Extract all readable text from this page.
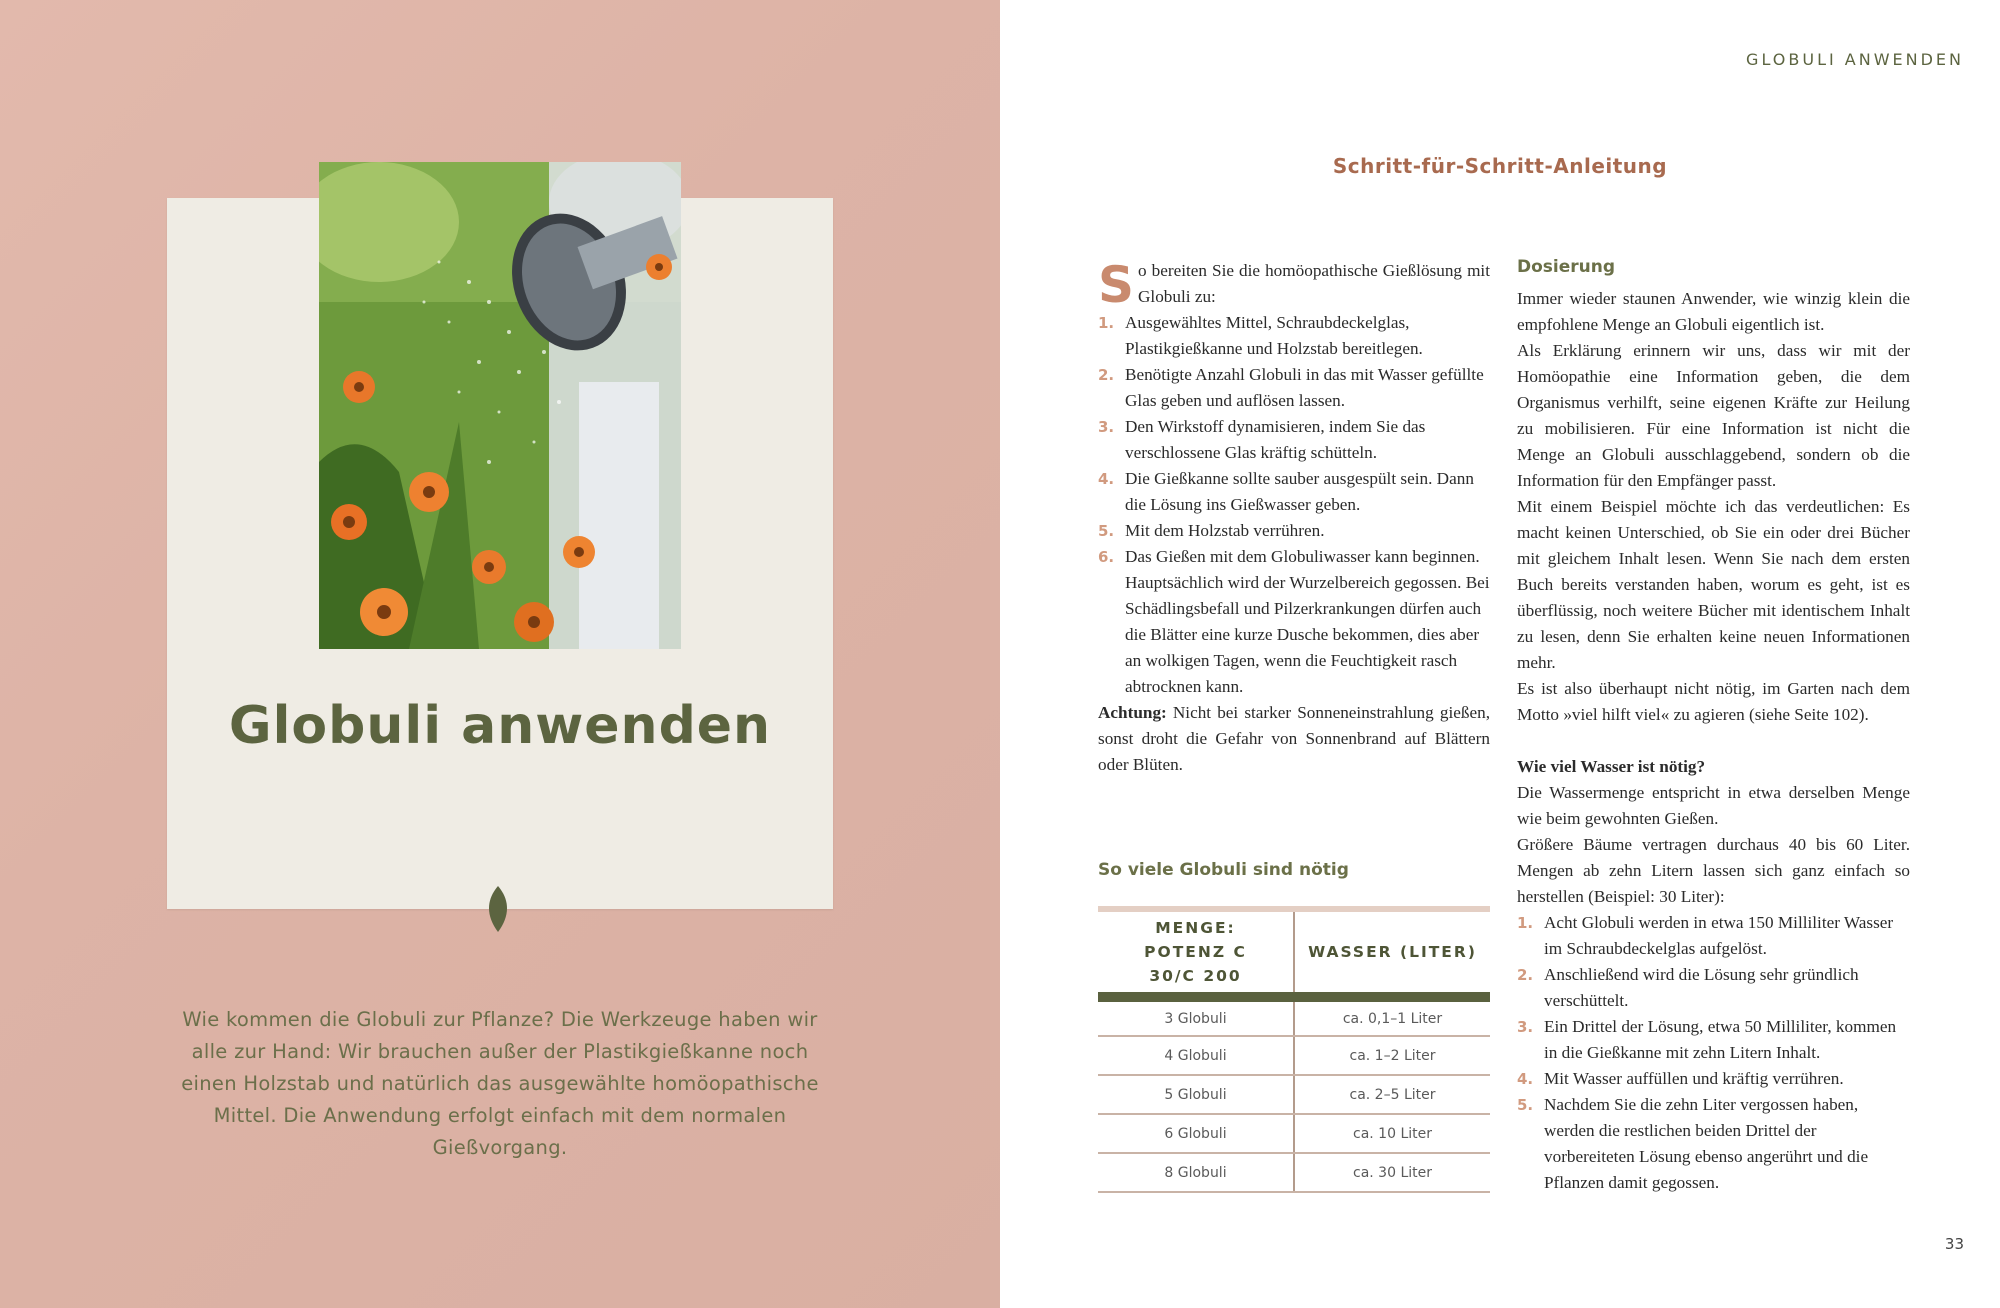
Globuli anwenden

Wie kommen die Globuli zur Pflanze? Die Werkzeuge haben wir alle zur Hand: Wir brauchen außer der Plastikgießkanne noch einen Holzstab und natürlich das ausgewählte homöopathische Mittel. Die Anwendung erfolgt einfach mit dem normalen Gießvorgang.

GLOBULI ANWENDEN
33
Schritt-für-Schritt-Anleitung

So bereiten Sie die homöopathische Gießlösung mit Globuli zu:

1. Ausgewähltes Mittel, Schraubdeckelglas, Plastikgießkanne und Holzstab bereitlegen.
2. Benötigte Anzahl Globuli in das mit Wasser gefüllte Glas geben und auflösen lassen.
3. Den Wirkstoff dynamisieren, indem Sie das verschlossene Glas kräftig schütteln.
4. Die Gießkanne sollte sauber ausgespült sein. Dann die Lösung ins Gießwasser geben.
5. Mit dem Holzstab verrühren.
6. Das Gießen mit dem Globuliwasser kann beginnen. Hauptsächlich wird der Wurzelbereich gegossen. Bei Schädlingsbefall und Pilzerkrankungen dürfen auch die Blätter eine kurze Dusche bekommen, dies aber an wolkigen Tagen, wenn die Feuchtigkeit rasch abtrocknen kann.

Achtung: Nicht bei starker Sonneneinstrahlung gießen, sonst droht die Gefahr von Sonnenbrand auf Blättern oder Blüten.

So viele Globuli sind nötig
MENGE: POTENZ C 30/C 200	WASSER (LITER)
3 Globuli	ca. 0,1–1 Liter
4 Globuli	ca. 1–2 Liter
5 Globuli	ca. 2–5 Liter
6 Globuli	ca. 10 Liter
8 Globuli	ca. 30 Liter
Dosierung

Immer wieder staunen Anwender, wie winzig klein die empfohlene Menge an Globuli eigentlich ist.

Als Erklärung erinnern wir uns, dass wir mit der Homöopathie eine Information geben, die dem Organismus verhilft, seine eigenen Kräfte zur Heilung zu mobilisieren. Für eine Information ist nicht die Menge an Globuli ausschlaggebend, sondern ob die Information für den Empfänger passt.

Mit einem Beispiel möchte ich das verdeutlichen: Es macht keinen Unterschied, ob Sie ein oder drei Bücher mit gleichem Inhalt lesen. Wenn Sie nach dem ersten Buch bereits verstanden haben, worum es geht, ist es überflüssig, noch weitere Bücher mit identischem Inhalt zu lesen, denn Sie erhalten keine neuen Informationen mehr.

Es ist also überhaupt nicht nötig, im Garten nach dem Motto »viel hilft viel« zu agieren (siehe Seite 102).

Wie viel Wasser ist nötig?

Die Wassermenge entspricht in etwa derselben Menge wie beim gewohnten Gießen.

Größere Bäume vertragen durchaus 40 bis 60 Liter. Mengen ab zehn Litern lassen sich ganz einfach so herstellen (Beispiel: 30 Liter):

1. Acht Globuli werden in etwa 150 Milliliter Wasser im Schraubdeckelglas aufgelöst.
2. Anschließend wird die Lösung sehr gründlich verschüttelt.
3. Ein Drittel der Lösung, etwa 50 Milliliter, kommen in die Gießkanne mit zehn Litern Inhalt.
4. Mit Wasser auffüllen und kräftig verrühren.
5. Nachdem Sie die zehn Liter vergossen haben, werden die restlichen beiden Drittel der vorbereiteten Lösung ebenso angerührt und die Pflanzen damit gegossen.
